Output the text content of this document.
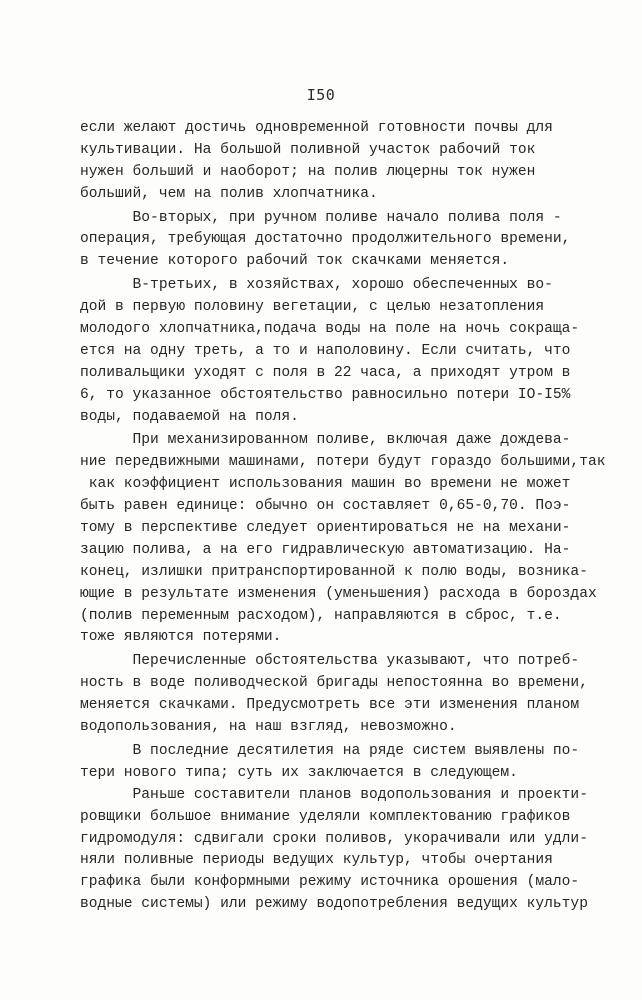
I50
если желают достичь одновременной готовности почвы для
культивации. На большой поливной участок рабочий ток
нужен больший и наоборот; на полив люцерны ток нужен
больший, чем на полив хлопчатника.
Во-вторых, при ручном поливе начало полива поля -
операция, требующая достаточно продолжительного времени,
в течение которого рабочий ток скачками меняется.
В-третьих, в хозяйствах, хорошо обеспеченных во-
дой в первую половину вегетации, с целью незатопления
молодого хлопчатника,подача воды на поле на ночь сокраща-
ется на одну треть, а то и наполовину. Если считать, что
поливальщики уходят с поля в 22 часа, а приходят утром в
6, то указанное обстоятельство равносильно потери IO-I5%
воды, подаваемой на поля.
При механизированном поливе, включая даже дождева-
ние передвижными машинами, потери будут гораздо большими,так
как коэффициент использования машин во времени не может
быть равен единице: обычно он составляет 0,65-0,70. Поэ-
тому в перспективе следует ориентироваться не на механи-
зацию полива, а на его гидравлическую автоматизацию. На-
конец, излишки притранспортированной к полю воды, возника-
ющие в результате изменения (уменьшения) расхода в бороздах
(полив переменным расходом), направляются в сброс, т.е.
тоже являются потерями.
Перечисленные обстоятельства указывают, что потреб-
ность в воде поливодческой бригады непостоянна во времени,
меняется скачками. Предусмотреть все эти изменения планом
водопользования, на наш взгляд, невозможно.
В последние десятилетия на ряде систем выявлены по-
тери нового типа; суть их заключается в следующем.
Раньше составители планов водопользования и проекти-
ровщики большое внимание уделяли комплектованию графиков
гидромодуля: сдвигали сроки поливов, укорачивали или удли-
няли поливные периоды ведущих культур, чтобы очертания
графика были конформными режиму источника орошения (мало-
водные системы) или режиму водопотребления ведущих культур
